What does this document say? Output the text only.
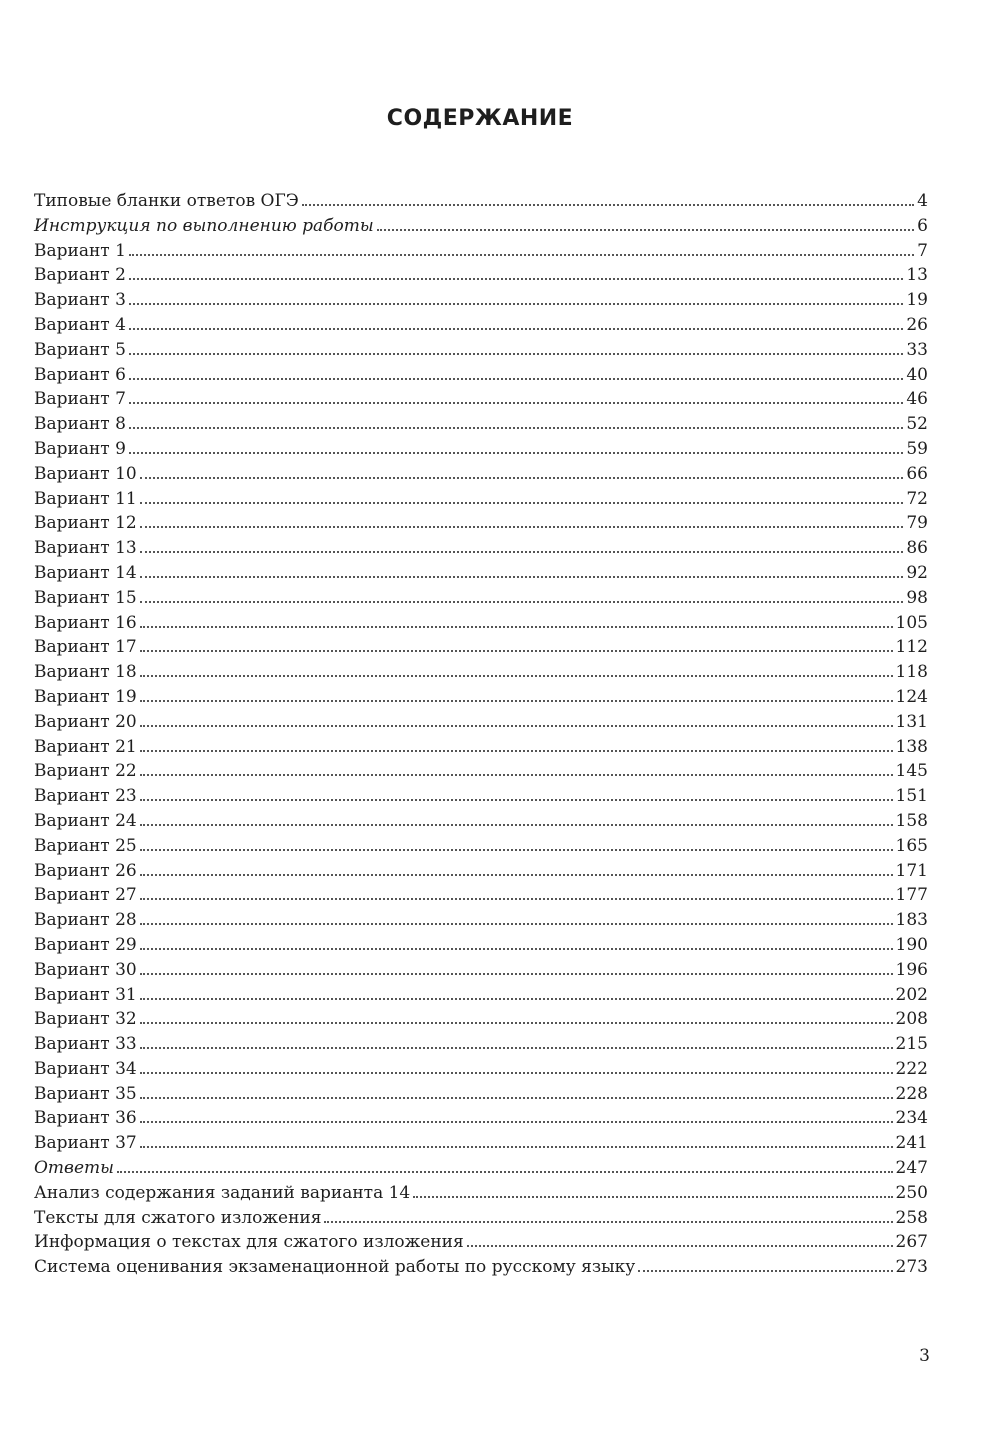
СОДЕРЖАНИЕ
Типовые бланки ответов ОГЭ	4
Инструкция по выполнению работы	6
Вариант 1	7
Вариант 2	13
Вариант 3	19
Вариант 4	26
Вариант 5	33
Вариант 6	40
Вариант 7	46
Вариант 8	52
Вариант 9	59
Вариант 10	66
Вариант 11	72
Вариант 12	79
Вариант 13	86
Вариант 14	92
Вариант 15	98
Вариант 16	105
Вариант 17	112
Вариант 18	118
Вариант 19	124
Вариант 20	131
Вариант 21	138
Вариант 22	145
Вариант 23	151
Вариант 24	158
Вариант 25	165
Вариант 26	171
Вариант 27	177
Вариант 28	183
Вариант 29	190
Вариант 30	196
Вариант 31	202
Вариант 32	208
Вариант 33	215
Вариант 34	222
Вариант 35	228
Вариант 36	234
Вариант 37	241
Ответы	247
Анализ содержания заданий варианта 14	250
Тексты для сжатого изложения	258
Информация о текстах для сжатого изложения	267
Система оценивания экзаменационной работы по русскому языку	273
3
